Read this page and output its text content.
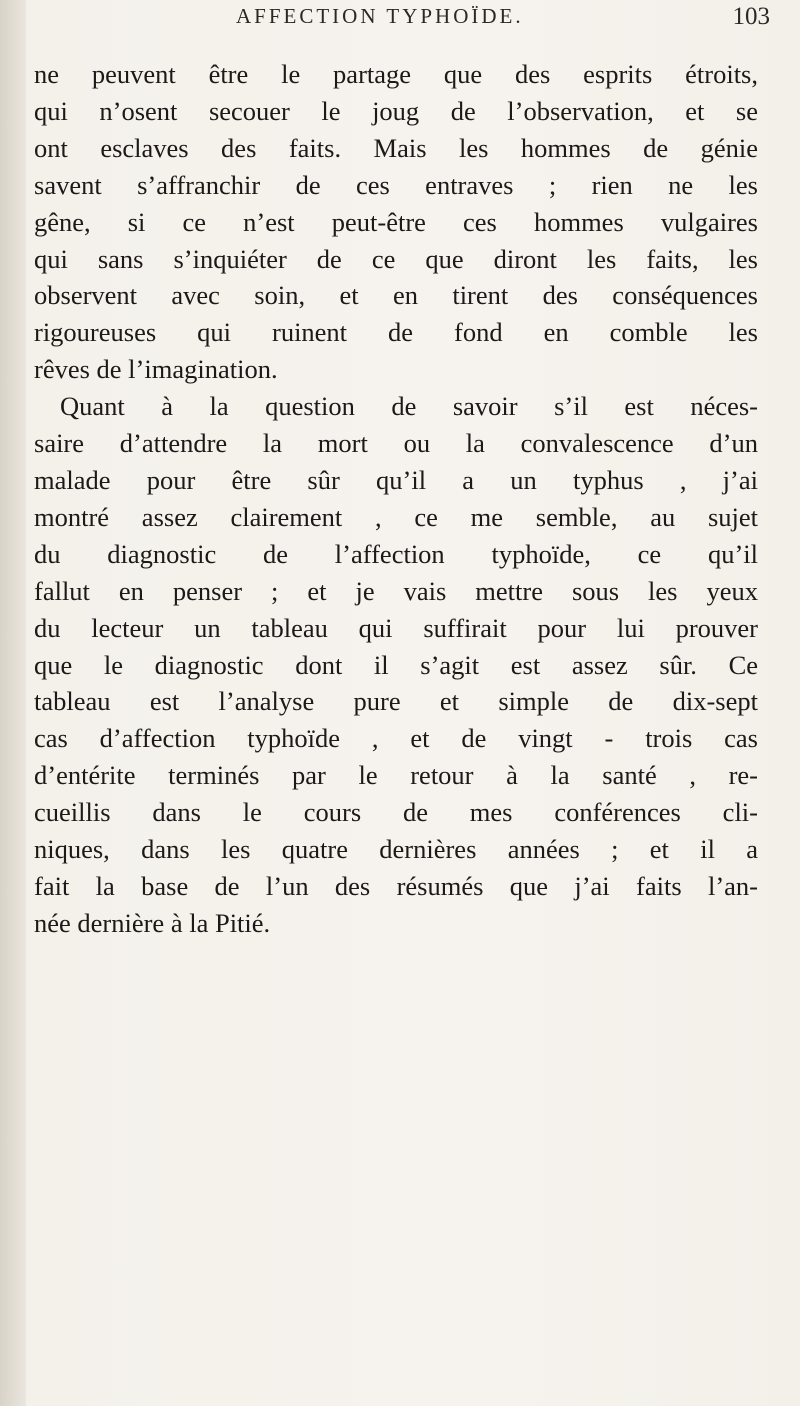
AFFECTION TYPHOÏDE.	103
ne peuvent être le partage que des esprits étroits,
qui n’osent secouer le joug de l’observation, et se
ont esclaves des faits. Mais les hommes de génie
savent s’affranchir de ces entraves ; rien ne les
gêne, si ce n’est peut-être ces hommes vulgaires
qui sans s’inquiéter de ce que diront les faits, les
observent avec soin, et en tirent des conséquences
rigoureuses qui ruinent de fond en comble les
rêves de l’imagination.
Quant à la question de savoir s’il est néces-
saire d’attendre la mort ou la convalescence d’un
malade pour être sûr qu’il a un typhus , j’ai
montré assez clairement , ce me semble, au sujet
du diagnostic de l’affection typhoïde, ce qu’il
fallut en penser ; et je vais mettre sous les yeux
du lecteur un tableau qui suffirait pour lui prouver
que le diagnostic dont il s’agit est assez sûr. Ce
tableau est l’analyse pure et simple de dix-sept
cas d’affection typhoïde , et de vingt - trois cas
d’entérite terminés par le retour à la santé , re-
cueillis dans le cours de mes conférences cli-
niques, dans les quatre dernières années ; et il a
fait la base de l’un des résumés que j’ai faits l’an-
née dernière à la Pitié.
